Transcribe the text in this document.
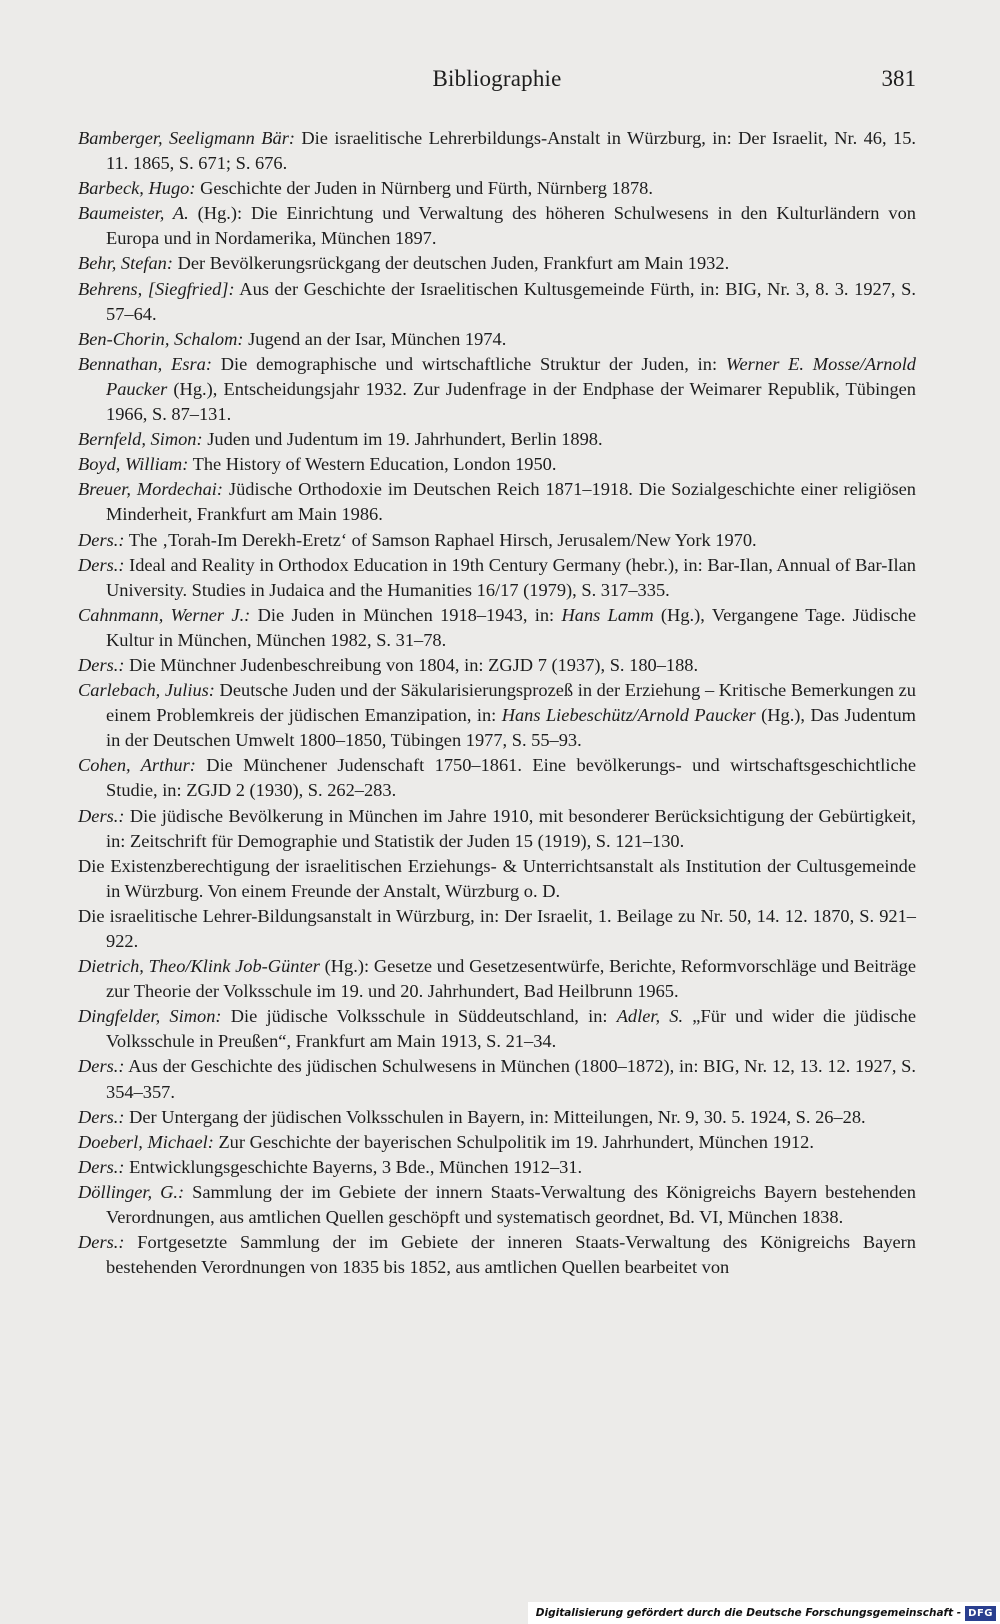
Bibliographie	381

Bamberger, Seeligmann Bär: Die israelitische Lehrerbildungs-Anstalt in Würzburg, in: Der Israelit, Nr. 46, 15. 11. 1865, S. 671; S. 676.

Barbeck, Hugo: Geschichte der Juden in Nürnberg und Fürth, Nürnberg 1878.

Baumeister, A. (Hg.): Die Einrichtung und Verwaltung des höheren Schulwesens in den Kulturländern von Europa und in Nordamerika, München 1897.

Behr, Stefan: Der Bevölkerungsrückgang der deutschen Juden, Frankfurt am Main 1932.

Behrens, [Siegfried]: Aus der Geschichte der Israelitischen Kultusgemeinde Fürth, in: BIG, Nr. 3, 8. 3. 1927, S. 57–64.

Ben-Chorin, Schalom: Jugend an der Isar, München 1974.

Bennathan, Esra: Die demographische und wirtschaftliche Struktur der Juden, in: Werner E. Mosse/Arnold Paucker (Hg.), Entscheidungsjahr 1932. Zur Judenfrage in der Endphase der Weimarer Republik, Tübingen 1966, S. 87–131.

Bernfeld, Simon: Juden und Judentum im 19. Jahrhundert, Berlin 1898.

Boyd, William: The History of Western Education, London 1950.

Breuer, Mordechai: Jüdische Orthodoxie im Deutschen Reich 1871–1918. Die Sozialgeschichte einer religiösen Minderheit, Frankfurt am Main 1986.

Ders.: The ‚Torah-Im Derekh-Eretz‘ of Samson Raphael Hirsch, Jerusalem/New York 1970.

Ders.: Ideal and Reality in Orthodox Education in 19th Century Germany (hebr.), in: Bar-Ilan, Annual of Bar-Ilan University. Studies in Judaica and the Humanities 16/17 (1979), S. 317–335.

Cahnmann, Werner J.: Die Juden in München 1918–1943, in: Hans Lamm (Hg.), Vergangene Tage. Jüdische Kultur in München, München 1982, S. 31–78.

Ders.: Die Münchner Judenbeschreibung von 1804, in: ZGJD 7 (1937), S. 180–188.

Carlebach, Julius: Deutsche Juden und der Säkularisierungsprozeß in der Erziehung – Kritische Bemerkungen zu einem Problemkreis der jüdischen Emanzipation, in: Hans Liebeschütz/Arnold Paucker (Hg.), Das Judentum in der Deutschen Umwelt 1800–1850, Tübingen 1977, S. 55–93.

Cohen, Arthur: Die Münchener Judenschaft 1750–1861. Eine bevölkerungs- und wirtschaftsgeschichtliche Studie, in: ZGJD 2 (1930), S. 262–283.

Ders.: Die jüdische Bevölkerung in München im Jahre 1910, mit besonderer Berücksichtigung der Gebürtigkeit, in: Zeitschrift für Demographie und Statistik der Juden 15 (1919), S. 121–130.

Die Existenzberechtigung der israelitischen Erziehungs- & Unterrichtsanstalt als Institution der Cultusgemeinde in Würzburg. Von einem Freunde der Anstalt, Würzburg o. D.

Die israelitische Lehrer-Bildungsanstalt in Würzburg, in: Der Israelit, 1. Beilage zu Nr. 50, 14. 12. 1870, S. 921–922.

Dietrich, Theo/Klink Job-Günter (Hg.): Gesetze und Gesetzesentwürfe, Berichte, Reformvorschläge und Beiträge zur Theorie der Volksschule im 19. und 20. Jahrhundert, Bad Heilbrunn 1965.

Dingfelder, Simon: Die jüdische Volksschule in Süddeutschland, in: Adler, S. „Für und wider die jüdische Volksschule in Preußen“, Frankfurt am Main 1913, S. 21–34.

Ders.: Aus der Geschichte des jüdischen Schulwesens in München (1800–1872), in: BIG, Nr. 12, 13. 12. 1927, S. 354–357.

Ders.: Der Untergang der jüdischen Volksschulen in Bayern, in: Mitteilungen, Nr. 9, 30. 5. 1924, S. 26–28.

Doeberl, Michael: Zur Geschichte der bayerischen Schulpolitik im 19. Jahrhundert, München 1912.

Ders.: Entwicklungsgeschichte Bayerns, 3 Bde., München 1912–31.

Döllinger, G.: Sammlung der im Gebiete der innern Staats-Verwaltung des Königreichs Bayern bestehenden Verordnungen, aus amtlichen Quellen geschöpft und systematisch geordnet, Bd. VI, München 1838.

Ders.: Fortgesetzte Sammlung der im Gebiete der inneren Staats-Verwaltung des Königreichs Bayern bestehenden Verordnungen von 1835 bis 1852, aus amtlichen Quellen bearbeitet von

Digitalisierung gefördert durch die Deutsche Forschungsgemeinschaft - DFG
